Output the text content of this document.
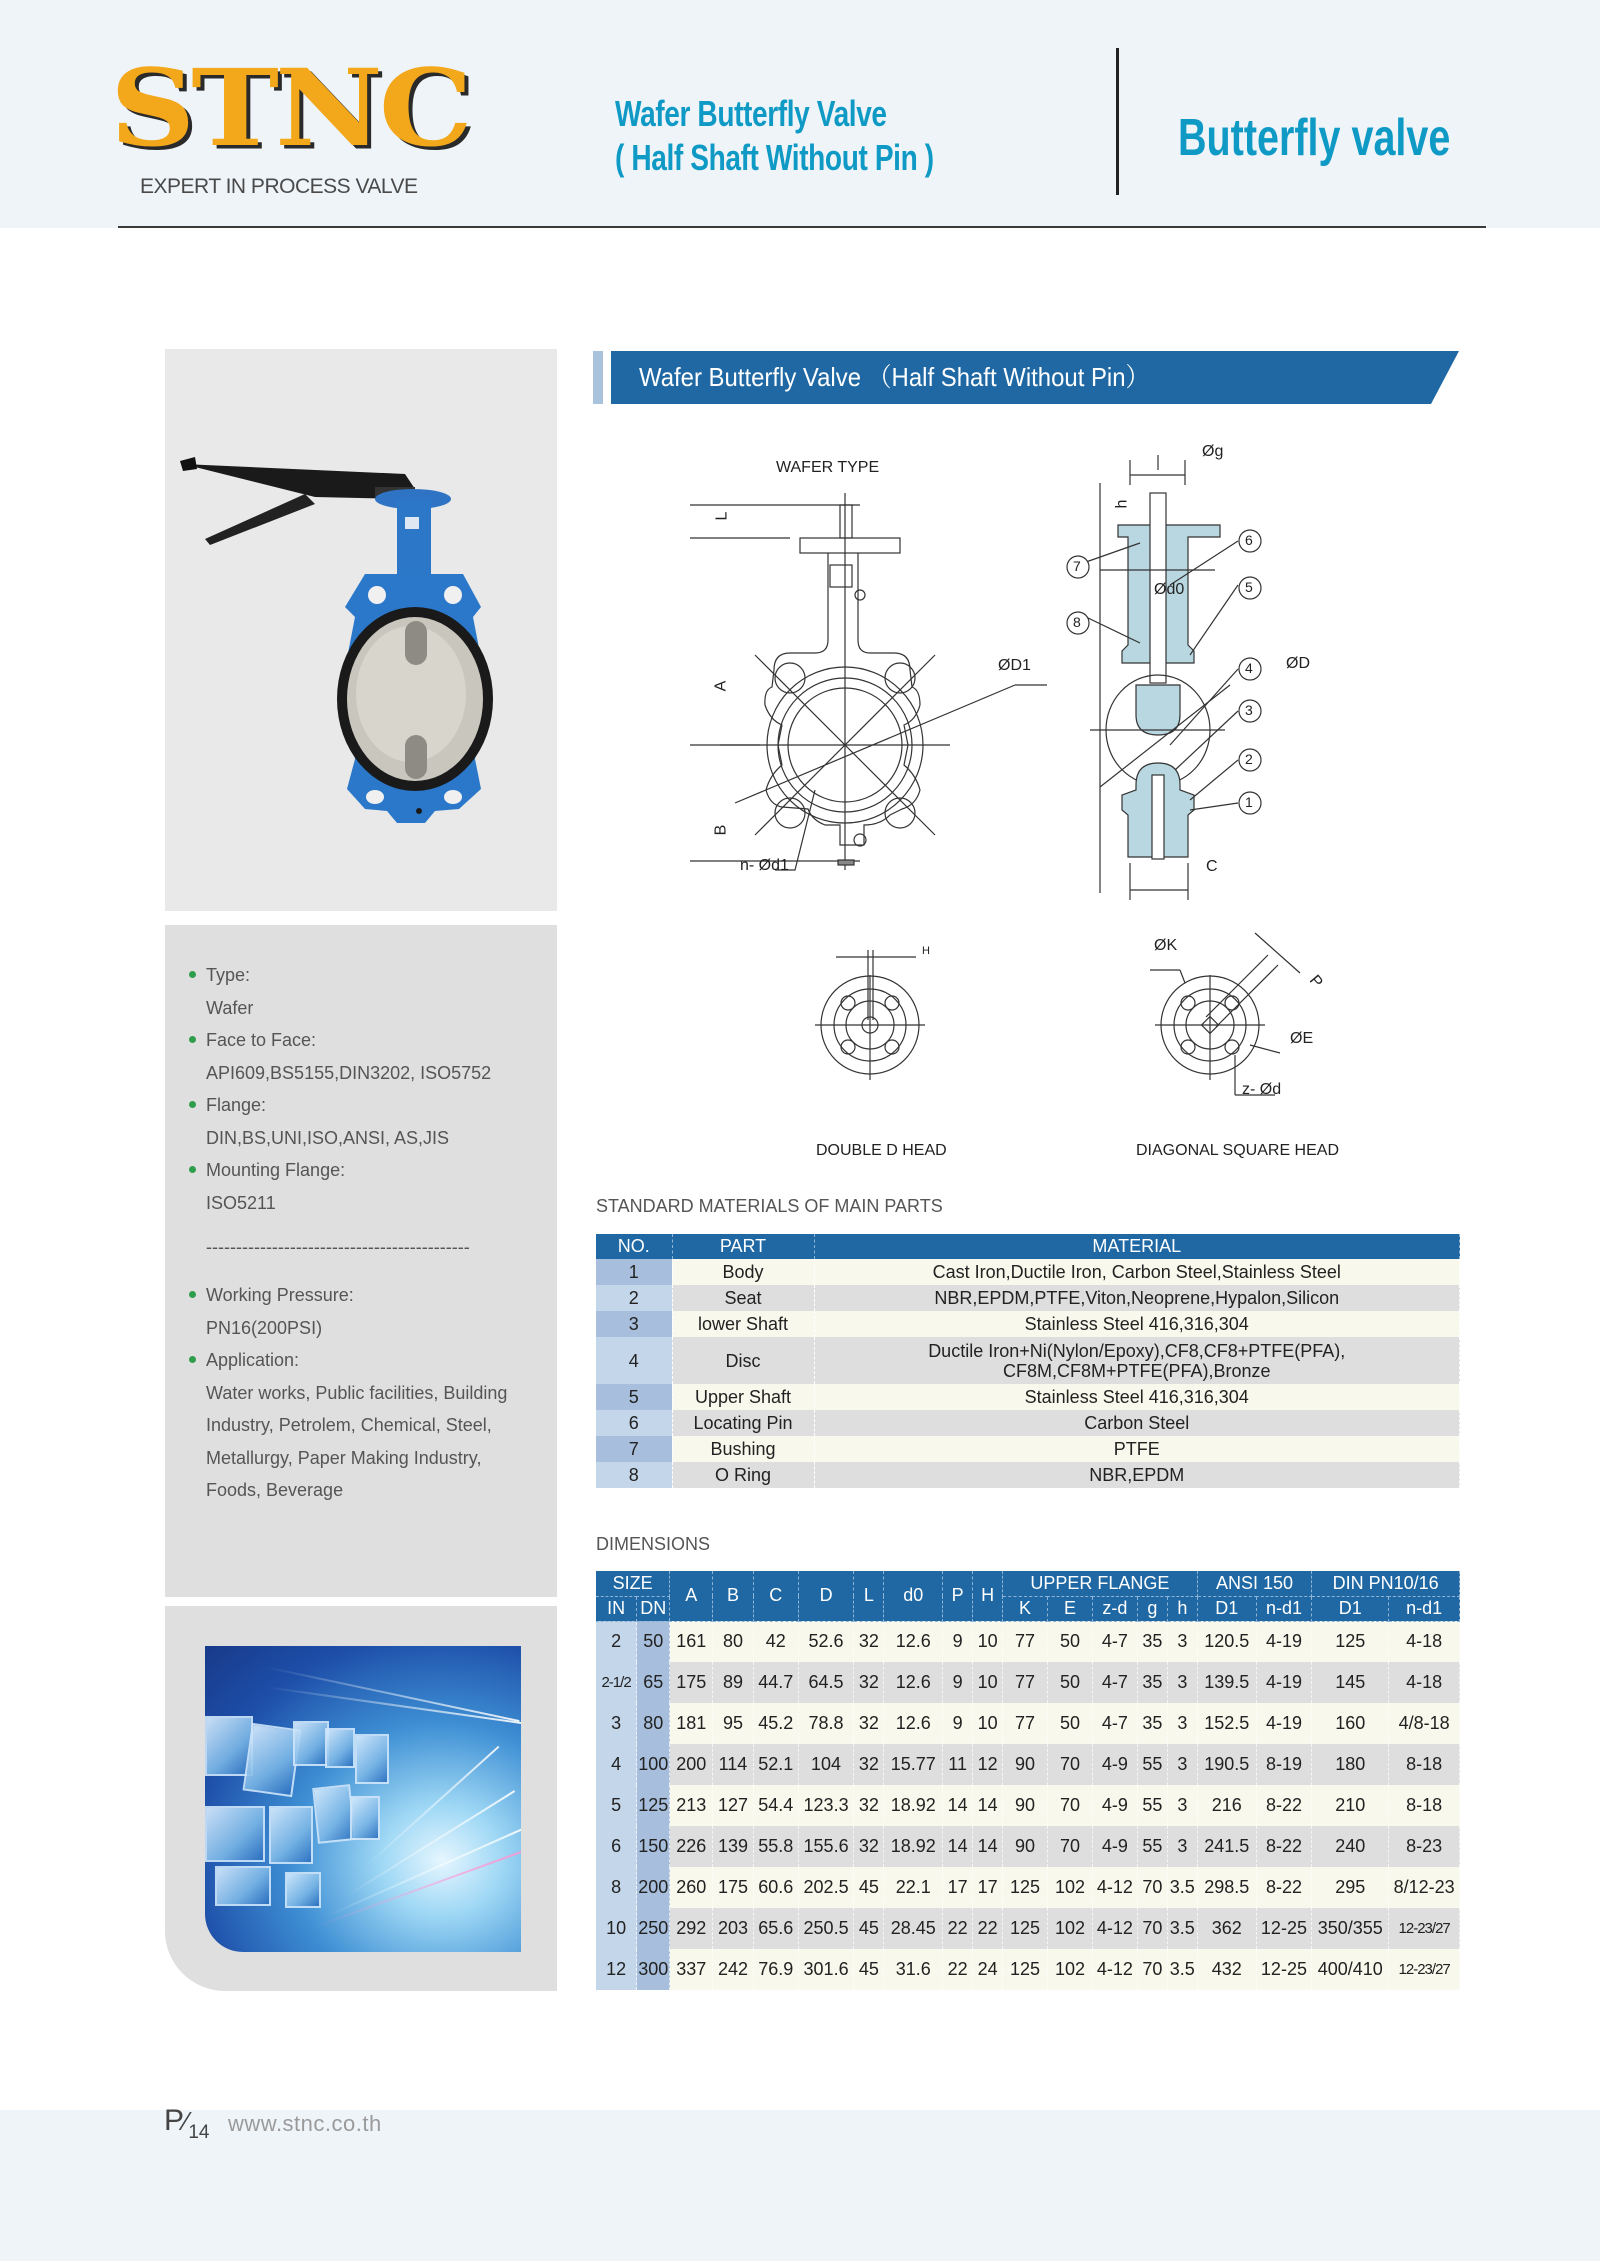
STNC
EXPERT IN PROCESS VALVE
Wafer Butterfly Valve
( Half Shaft Without Pin )	Butterfly valve
Type:
Wafer
Face to Face:
API609,BS5155,DIN3202, ISO5752
Flange:
DIN,BS,UNI,ISO,ANSI, AS,JIS
Mounting Flange:
ISO5211
--------------------------------------------
Working Pressure:
PN16(200PSI)
Application:
Water works, Public facilities, Building
Industry, Petrolem, Chemical, Steel,
Metallurgy, Paper Making Industry,
Foods, Beverage
Wafer Butterfly Valve （Half Shaft Without Pin）
WAFER TYPE
L
A
B
ØD1
n- Ød1
Øg
h
Ød0
ØD
C
7
8
6
5
4
3
2
1
H	ØK
P
ØE
z- Ød
DOUBLE D HEAD	DIAGONAL SQUARE HEAD
STANDARD MATERIALS OF MAIN PARTS
NO.	PART	MATERIAL
1	Body	Cast Iron,Ductile Iron, Carbon Steel,Stainless Steel
2	Seat	NBR,EPDM,PTFE,Viton,Neoprene,Hypalon,Silicon
3	lower Shaft	Stainless Steel 416,316,304
4	Disc	Ductile Iron+Ni(Nylon/Epoxy),CF8,CF8+PTFE(PFA),
CF8M,CF8M+PTFE(PFA),Bronze

5	Upper Shaft	Stainless Steel 416,316,304
6	Locating Pin	Carbon Steel
7	Bushing	PTFE
8	O Ring	NBR,EPDM
DIMENSIONS
SIZE		A	B	C	D	L	d0	P	H	UPPER FLANGE					ANSI 150		DIN PN10/16	
IN	DN									K	E	z-d	g	h	D1	n-d1	D1	n-d1
2	50	161	80	42	52.6	32	12.6	9	10	77	50	4-7	35	3	120.5	4-19	125	4-18
2-1/2	65	175	89	44.7	64.5	32	12.6	9	10	77	50	4-7	35	3	139.5	4-19	145	4-18
3	80	181	95	45.2	78.8	32	12.6	9	10	77	50	4-7	35	3	152.5	4-19	160	4/8-18
4	100	200	114	52.1	104	32	15.77	11	12	90	70	4-9	55	3	190.5	8-19	180	8-18
5	125	213	127	54.4	123.3	32	18.92	14	14	90	70	4-9	55	3	216	8-22	210	8-18
6	150	226	139	55.8	155.6	32	18.92	14	14	90	70	4-9	55	3	241.5	8-22	240	8-23
8	200	260	175	60.6	202.5	45	22.1	17	17	125	102	4-12	70	3.5	298.5	8-22	295	8/12-23
10	250	292	203	65.6	250.5	45	28.45	22	22	125	102	4-12	70	3.5	362	12-25	350/355	12-23/27
12	300	337	242	76.9	301.6	45	31.6	22	24	125	102	4-12	70	3.5	432	12-25	400/410	12-23/27
$P⁄_{14}$ www.stnc.co.th
